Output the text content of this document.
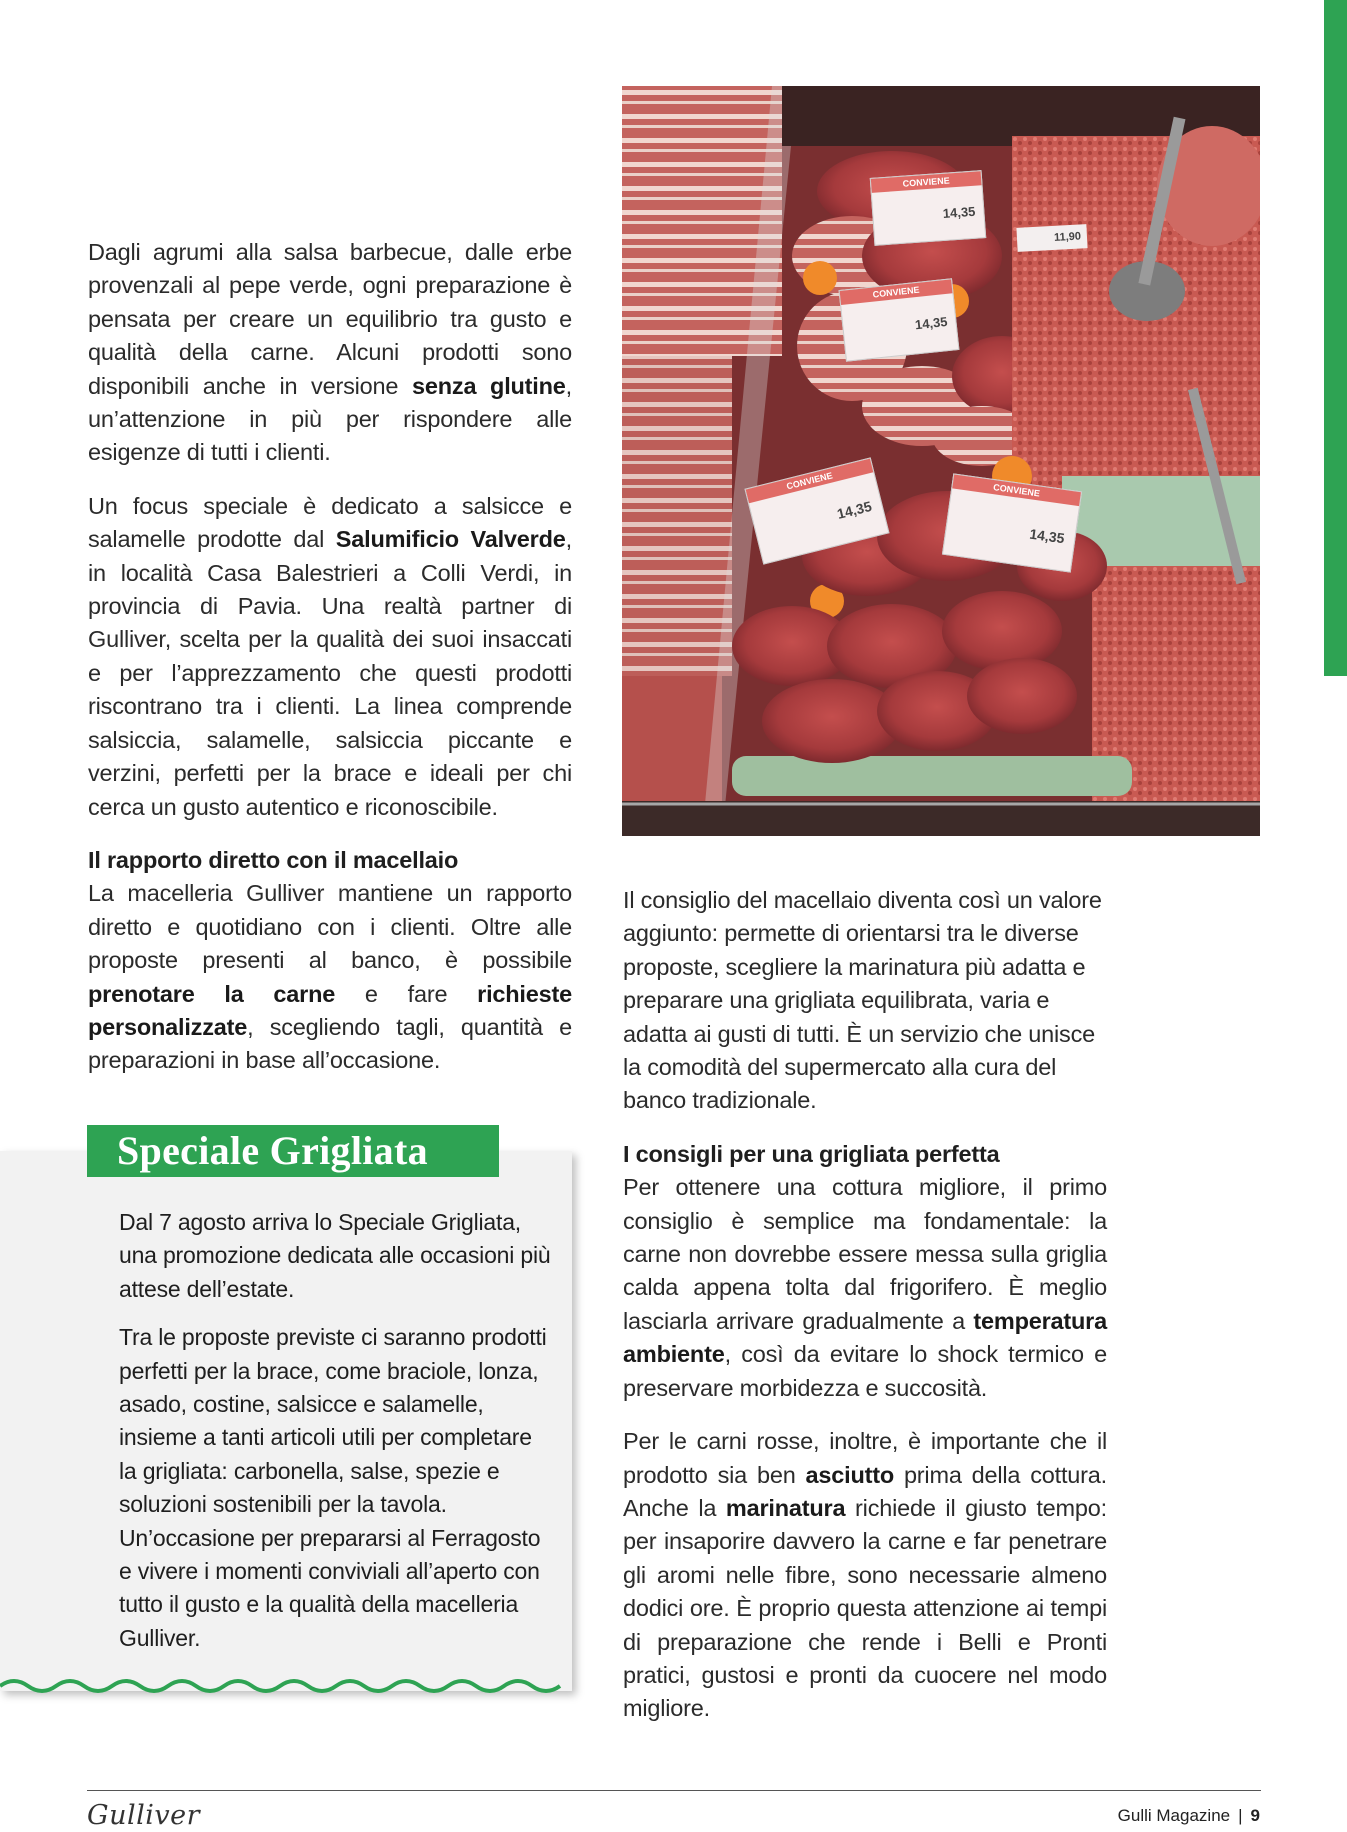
Dagli agrumi alla salsa barbecue, dalle erbe provenzali al pepe verde, ogni preparazione è pensata per creare un equilibrio tra gusto e qualità della carne. Alcuni prodotti sono disponibili anche in versione senza glutine, un’attenzione in più per rispondere alle esigenze di tutti i clienti.

Un focus speciale è dedicato a salsicce e salamelle prodotte dal Salumificio Valverde, in località Casa Balestrieri a Colli Verdi, in provincia di Pavia. Una realtà partner di Gulliver, scelta per la qualità dei suoi insaccati e per l’apprezzamento che questi prodotti riscontrano tra i clienti. La linea comprende salsiccia, salamelle, salsiccia piccante e verzini, perfetti per la brace e ideali per chi cerca un gusto autentico e riconoscibile.

Il rapporto diretto con il macellaio

La macelleria Gulliver mantiene un rapporto diretto e quotidiano con i clienti. Oltre alle proposte presenti al banco, è possibile prenotare la carne e fare richieste personalizzate, scegliendo tagli, quantità e preparazioni in base all’occasione.

CONVIENE
14,35
CONVIENE
14,35
CONVIENE
14,35
CONVIENE
14,35
11,90
Speciale Grigliata

Dal 7 agosto arriva lo Speciale Grigliata, una promozione dedicata alle occasioni più attese dell’estate.

Tra le proposte previste ci saranno prodotti perfetti per la brace, come braciole, lonza, asado, costine, salsicce e salamelle, insieme a tanti articoli utili per completare la grigliata: carbonella, salse, spezie e soluzioni sostenibili per la tavola. Un’occasione per prepararsi al Ferragosto e vivere i momenti conviviali all’aperto con tutto il gusto e la qualità della macelleria Gulliver.

Il consiglio del macellaio diventa così un valore aggiunto: permette di orientarsi tra le diverse proposte, scegliere la marinatura più adatta e preparare una grigliata equilibrata, varia e adatta ai gusti di tutti. È un servizio che unisce la comodità del supermercato alla cura del banco tradizionale.

I consigli per una grigliata perfetta

Per ottenere una cottura migliore, il primo consiglio è semplice ma fondamentale: la carne non dovrebbe essere messa sulla griglia calda appena tolta dal frigorifero. È meglio lasciarla arrivare gradualmente a temperatura ambiente, così da evitare lo shock termico e preservare morbidezza e succosità.

Per le carni rosse, inoltre, è importante che il prodotto sia ben asciutto prima della cottura. Anche la marinatura richiede il giusto tempo: per insaporire davvero la carne e far penetrare gli aromi nelle fibre, sono necessarie almeno dodici ore. È proprio questa attenzione ai tempi di preparazione che rende i Belli e Pronti pratici, gustosi e pronti da cuocere nel modo migliore.

Gulliver	Gulli Magazine | 9
